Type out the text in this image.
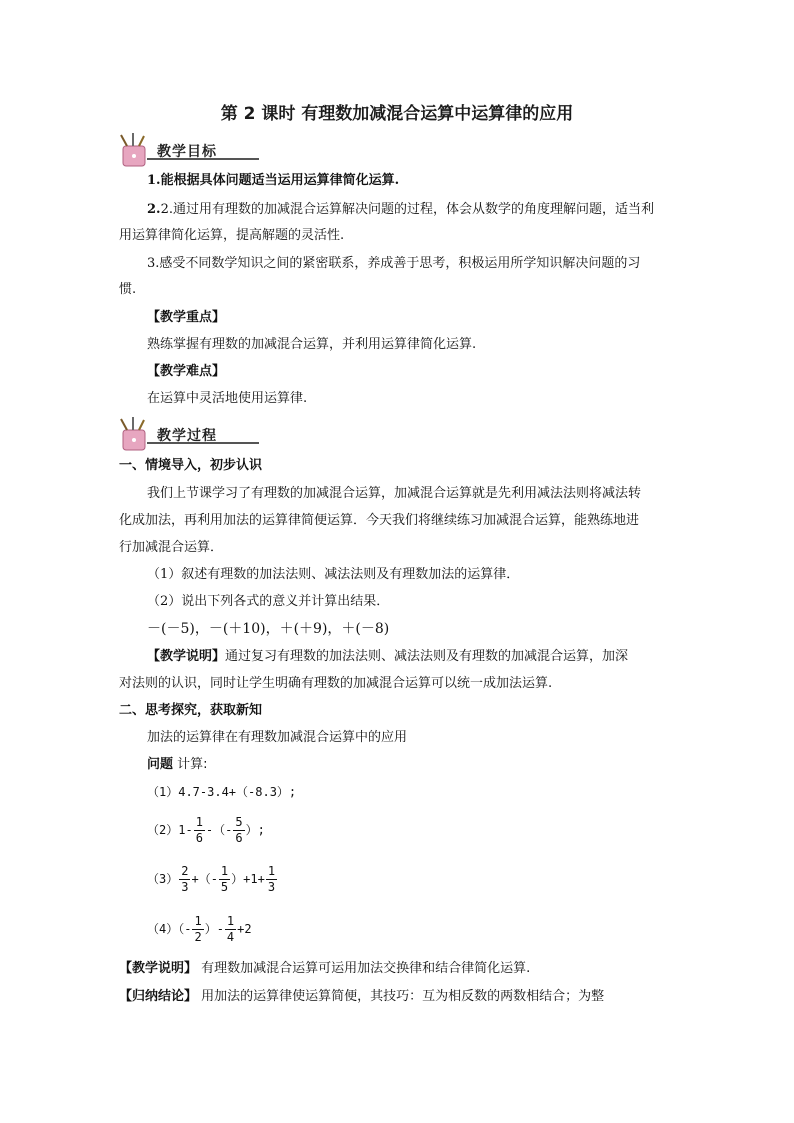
第 2 课时 有理数加减混合运算中运算律的应用
教学目标
1.能根据具体问题适当运用运算律简化运算.
2.2.通过用有理数的加减混合运算解决问题的过程，体会从数学的角度理解问题，适当利
用运算律简化运算，提高解题的灵活性.
3.感受不同数学知识之间的紧密联系，养成善于思考，积极运用所学知识解决问题的习
惯.
【教学重点】
熟练掌握有理数的加减混合运算，并利用运算律简化运算.
【教学难点】
在运算中灵活地使用运算律.
教学过程
一、情境导入，初步认识
我们上节课学习了有理数的加减混合运算，加减混合运算就是先利用减法法则将减法转
化成加法，再利用加法的运算律简便运算．今天我们将继续练习加减混合运算，能熟练地进
行加减混合运算．
（1）叙述有理数的加法法则、减法法则及有理数加法的运算律．
（2）说出下列各式的意义并计算出结果．
－(－5)，－(＋10)，＋(＋9)，＋(－8)
【教学说明】通过复习有理数的加法法则、减法法则及有理数的加减混合运算，加深
对法则的认识，同时让学生明确有理数的加减混合运算可以统一成加法运算.
二、思考探究，获取新知
加法的运算律在有理数加减混合运算中的应用
问题 计算:
（1）4.7-3.4+（-8.3）;
$(2)1- \frac{1}{6}$ -（- $\frac{5}{6}$ ）;
$(3) \frac{2}{3}$ +（- $\frac{1}{5} )+1+ \frac{1}{3}$
$(4)(- \frac{1}{2}$ ）- $\frac{1}{4} +2$
【教学说明】 有理数加减混合运算可运用加法交换律和结合律简化运算.
【归纳结论】 用加法的运算律使运算简便，其技巧：互为相反数的两数相结合；为整
